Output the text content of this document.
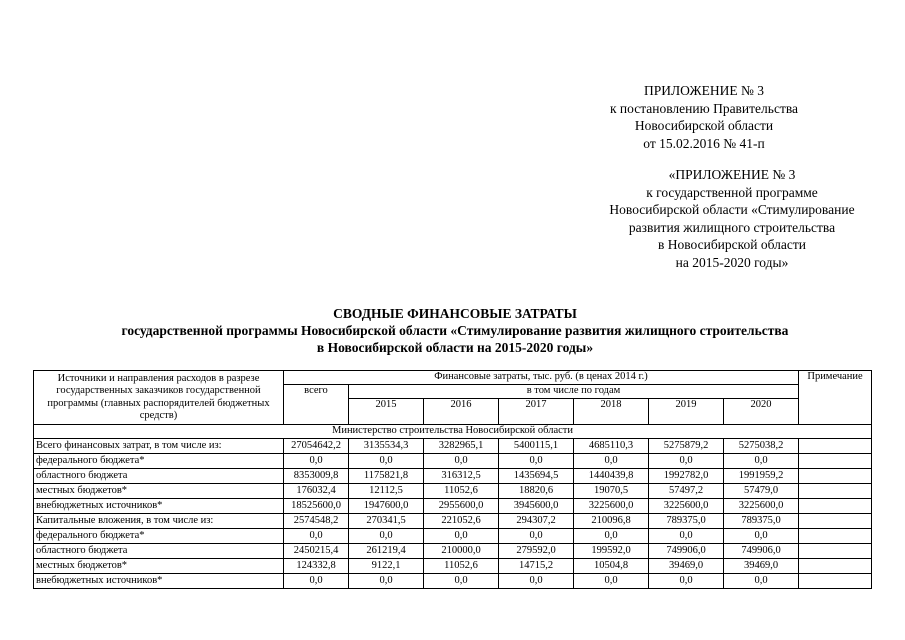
ПРИЛОЖЕНИЕ № 3
к постановлению Правительства
Новосибирской области
от 15.02.2016 № 41-п
«ПРИЛОЖЕНИЕ № 3
к государственной программе
Новосибирской области «Стимулирование
развития жилищного строительства
в Новосибирской области
на 2015-2020 годы»
СВОДНЫЕ ФИНАНСОВЫЕ ЗАТРАТЫ
государственной программы Новосибирской области «Стимулирование развития жилищного строительства
в Новосибирской области на 2015-2020 годы»
Источники и направления расходов в разрезе государственных заказчиков государственной программы (главных распорядителей бюджетных средств)	Финансовые затраты, тыс. руб. (в ценах 2014 г.)							Примечание
	всего	в том числе по годам						
		2015	2016	2017	2018	2019	2020	
Министерство строительства Новосибирской области								
Всего финансовых затрат, в том числе из:	27054642,2	3135534,3	3282965,1	5400115,1	4685110,3	5275879,2	5275038,2	
федерального бюджета*	0,0	0,0	0,0	0,0	0,0	0,0	0,0	
областного бюджета	8353009,8	1175821,8	316312,5	1435694,5	1440439,8	1992782,0	1991959,2	
местных бюджетов*	176032,4	12112,5	11052,6	18820,6	19070,5	57497,2	57479,0	
внебюджетных источников*	18525600,0	1947600,0	2955600,0	3945600,0	3225600,0	3225600,0	3225600,0	
Капитальные вложения, в том числе из:	2574548,2	270341,5	221052,6	294307,2	210096,8	789375,0	789375,0	
федерального бюджета*	0,0	0,0	0,0	0,0	0,0	0,0	0,0	
областного бюджета	2450215,4	261219,4	210000,0	279592,0	199592,0	749906,0	749906,0	
местных бюджетов*	124332,8	9122,1	11052,6	14715,2	10504,8	39469,0	39469,0	
внебюджетных источников*	0,0	0,0	0,0	0,0	0,0	0,0	0,0	
